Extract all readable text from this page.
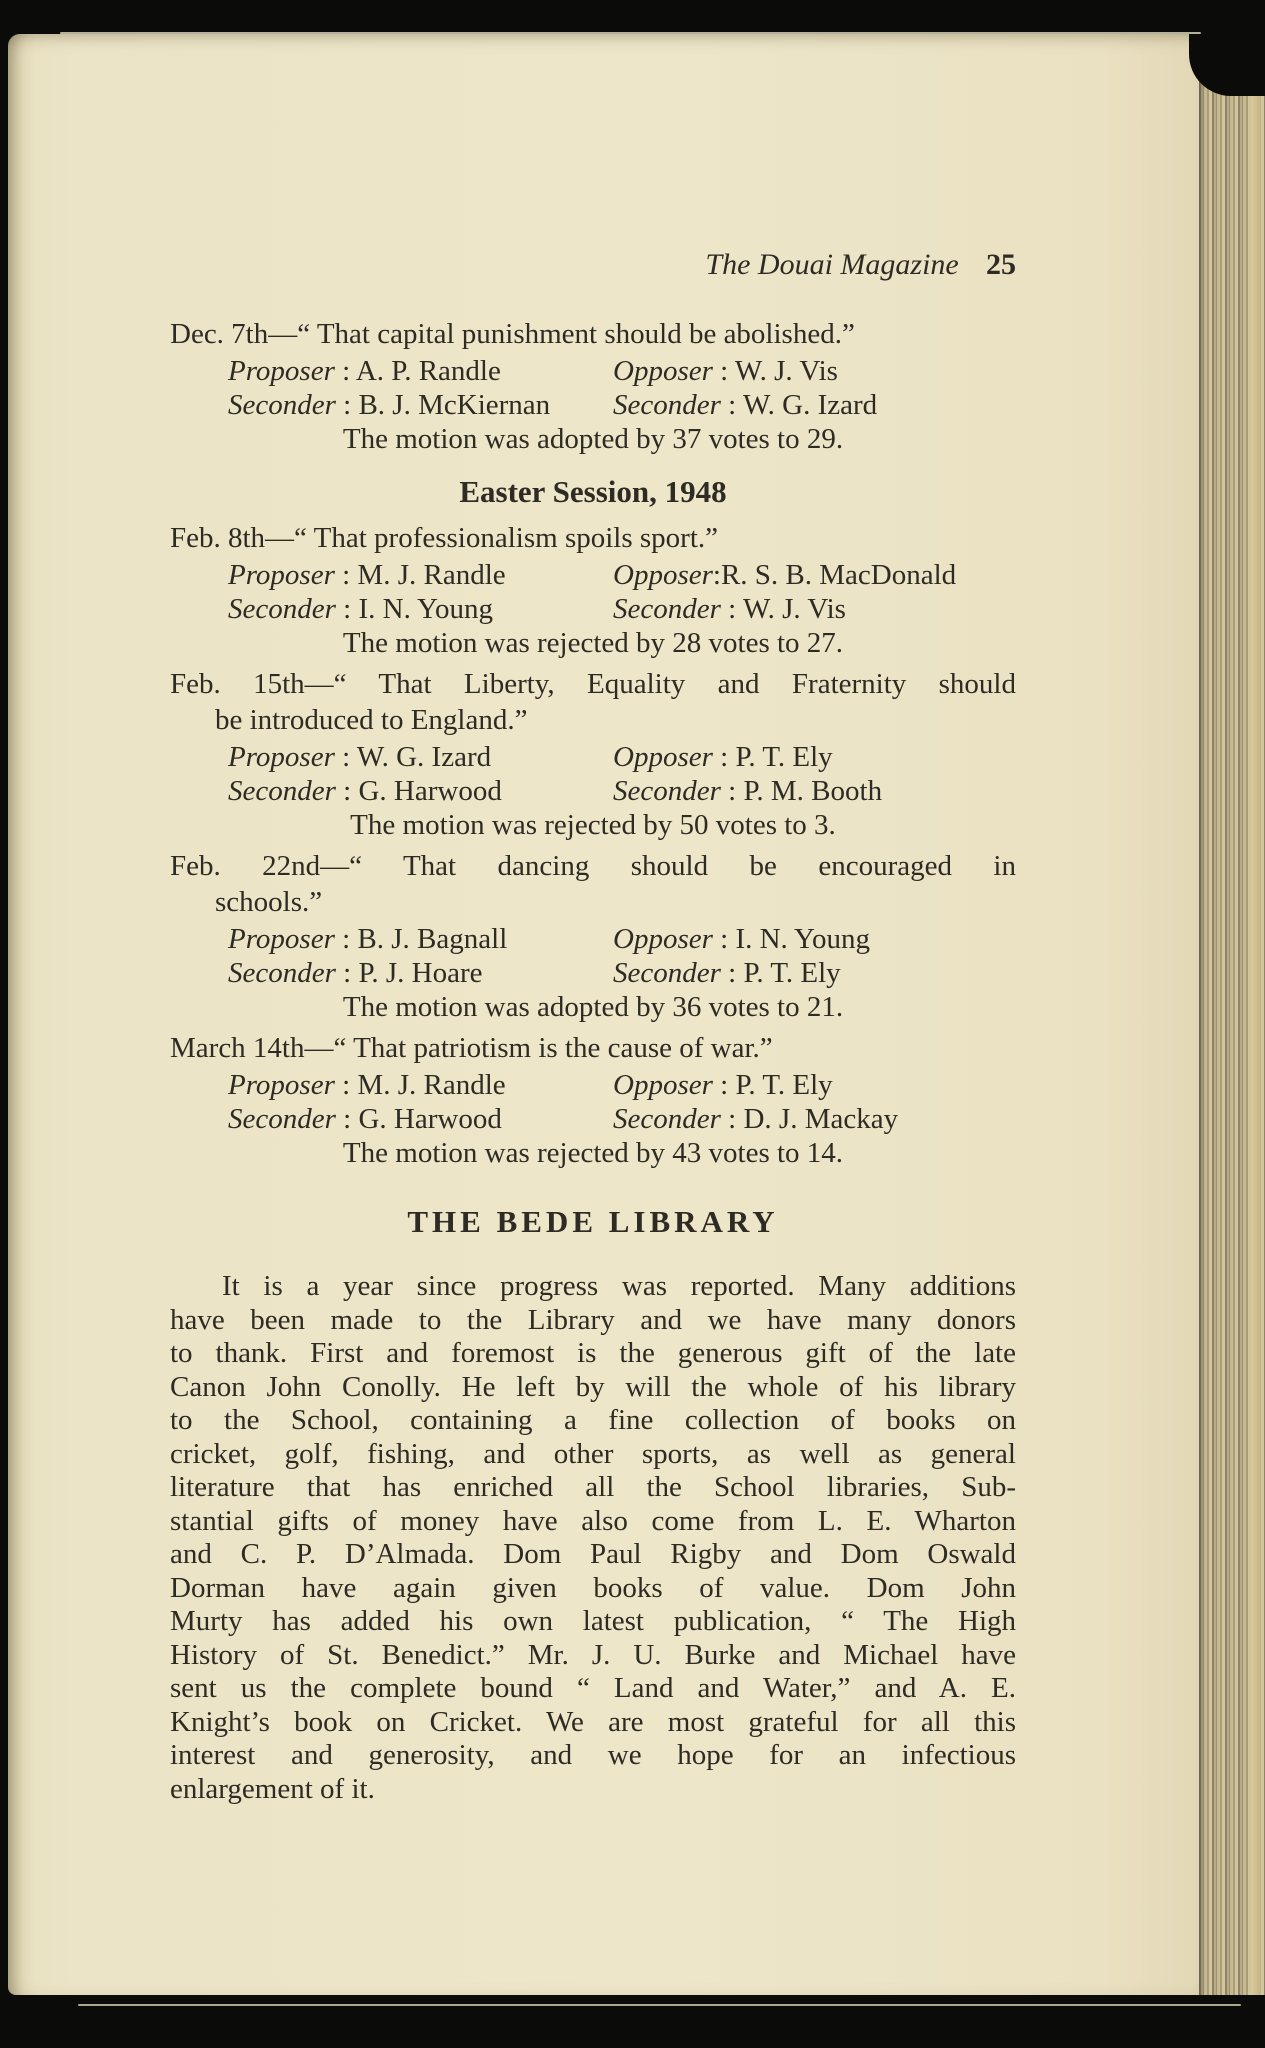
The Douai Magazine 25
Dec. 7th—“ That capital punishment should be abolished.”
Proposer : A. P. Randle	Opposer : W. J. Vis
Seconder : B. J. McKiernan	Seconder : W. G. Izard
The motion was adopted by 37 votes to 29.
Easter Session, 1948
Feb. 8th—“ That professionalism spoils sport.”
Proposer : M. J. Randle	Opposer:R. S. B. MacDonald
Seconder : I. N. Young	Seconder : W. J. Vis
The motion was rejected by 28 votes to 27.
Feb. 15th—“ That Liberty, Equality and Fraternity should
be introduced to England.”
Proposer : W. G. Izard	Opposer : P. T. Ely
Seconder : G. Harwood	Seconder : P. M. Booth
The motion was rejected by 50 votes to 3.
Feb. 22nd—“ That dancing should be encouraged in
schools.”
Proposer : B. J. Bagnall	Opposer : I. N. Young
Seconder : P. J. Hoare	Seconder : P. T. Ely
The motion was adopted by 36 votes to 21.
March 14th—“ That patriotism is the cause of war.”
Proposer : M. J. Randle	Opposer : P. T. Ely
Seconder : G. Harwood	Seconder : D. J. Mackay
The motion was rejected by 43 votes to 14.
THE BEDE LIBRARY
It is a year since progress was reported. Many additions
have been made to the Library and we have many donors
to thank. First and foremost is the generous gift of the late
Canon John Conolly. He left by will the whole of his library
to the School, containing a fine collection of books on
cricket, golf, fishing, and other sports, as well as general
literature that has enriched all the School libraries, Sub-
stantial gifts of money have also come from L. E. Wharton
and C. P. D’Almada. Dom Paul Rigby and Dom Oswald
Dorman have again given books of value. Dom John
Murty has added his own latest publication, “ The High
History of St. Benedict.” Mr. J. U. Burke and Michael have
sent us the complete bound “ Land and Water,” and A. E.
Knight’s book on Cricket. We are most grateful for all this
interest and generosity, and we hope for an infectious
enlargement of it.
